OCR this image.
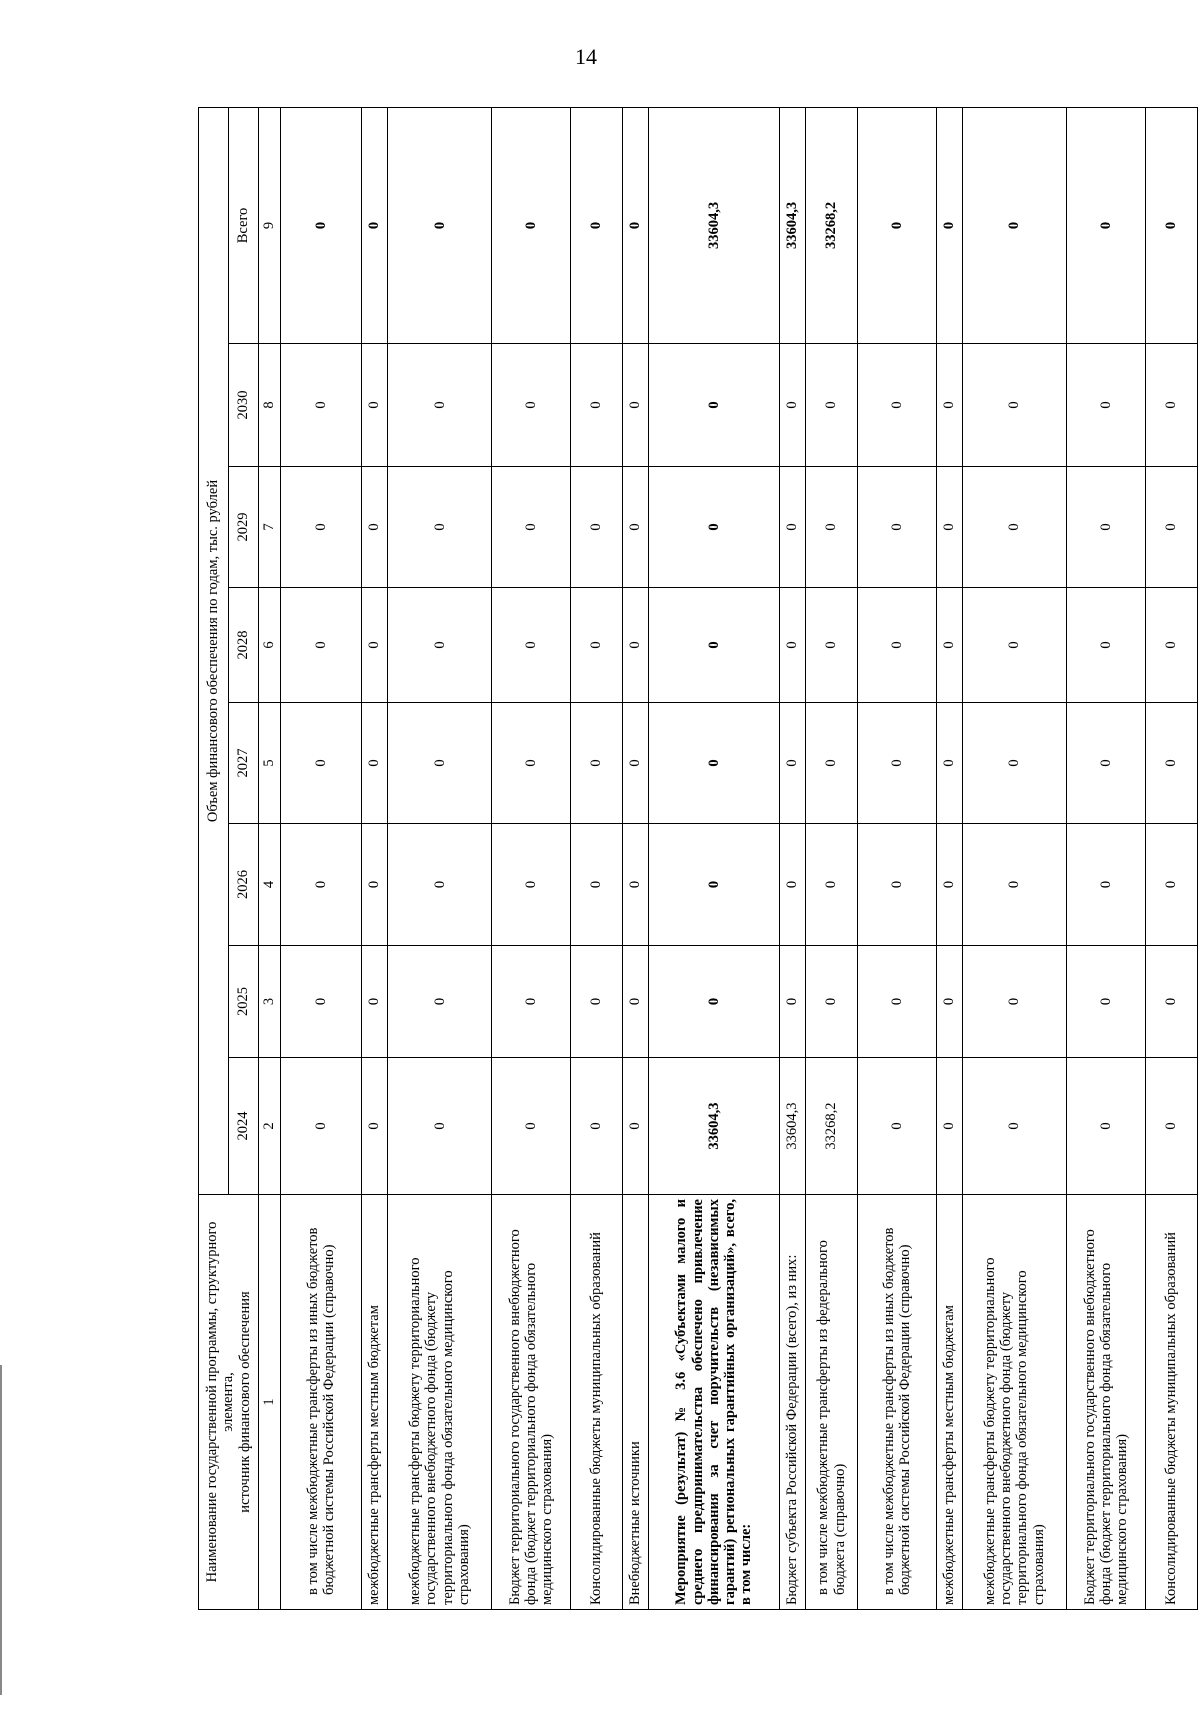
14
Наименование государственной программы, структурного
элемента,
источник финансового обеспечения	Объем финансового обеспечения по годам, тыс. рублей							
	2024	2025	2026	2027	2028	2029	2030	Всего
1	2	3	4	5	6	7	8	9
в том числе межбюджетные трансферты из иных бюджетов бюджетной системы Российской Федерации (справочно)	0	0	0	0	0	0	0	0
межбюджетные трансферты местным бюджетам	0	0	0	0	0	0	0	0
межбюджетные трансферты бюджету территориального государственного внебюджетного фонда (бюджету территориального фонда обязательного медицинского страхования)	0	0	0	0	0	0	0	0
Бюджет территориального государственного внебюджетного фонда (бюджет территориального фонда обязательного медицинского страхования)	0	0	0	0	0	0	0	0
Консолидированные бюджеты муниципальных образований	0	0	0	0	0	0	0	0
Внебюджетные источники	0	0	0	0	0	0	0	0
Мероприятие (результат) № 3.6 «Субъектами малого и среднего предпринимательства обеспечено привлечение финансирования за счет поручительств (независимых гарантий) региональных гарантийных организаций», всего, в том числе:	33604,3	0	0	0	0	0	0	33604,3
Бюджет субъекта Российской Федерации (всего), из них:	33604,3	0	0	0	0	0	0	33604,3
в том числе межбюджетные трансферты из федерального бюджета (справочно)	33268,2	0	0	0	0	0	0	33268,2
в том числе межбюджетные трансферты из иных бюджетов бюджетной системы Российской Федерации (справочно)	0	0	0	0	0	0	0	0
межбюджетные трансферты местным бюджетам	0	0	0	0	0	0	0	0
межбюджетные трансферты бюджету территориального государственного внебюджетного фонда (бюджету территориального фонда обязательного медицинского страхования)	0	0	0	0	0	0	0	0
Бюджет территориального государственного внебюджетного фонда (бюджет территориального фонда обязательного медицинского страхования)	0	0	0	0	0	0	0	0
Консолидированные бюджеты муниципальных образований	0	0	0	0	0	0	0	0
